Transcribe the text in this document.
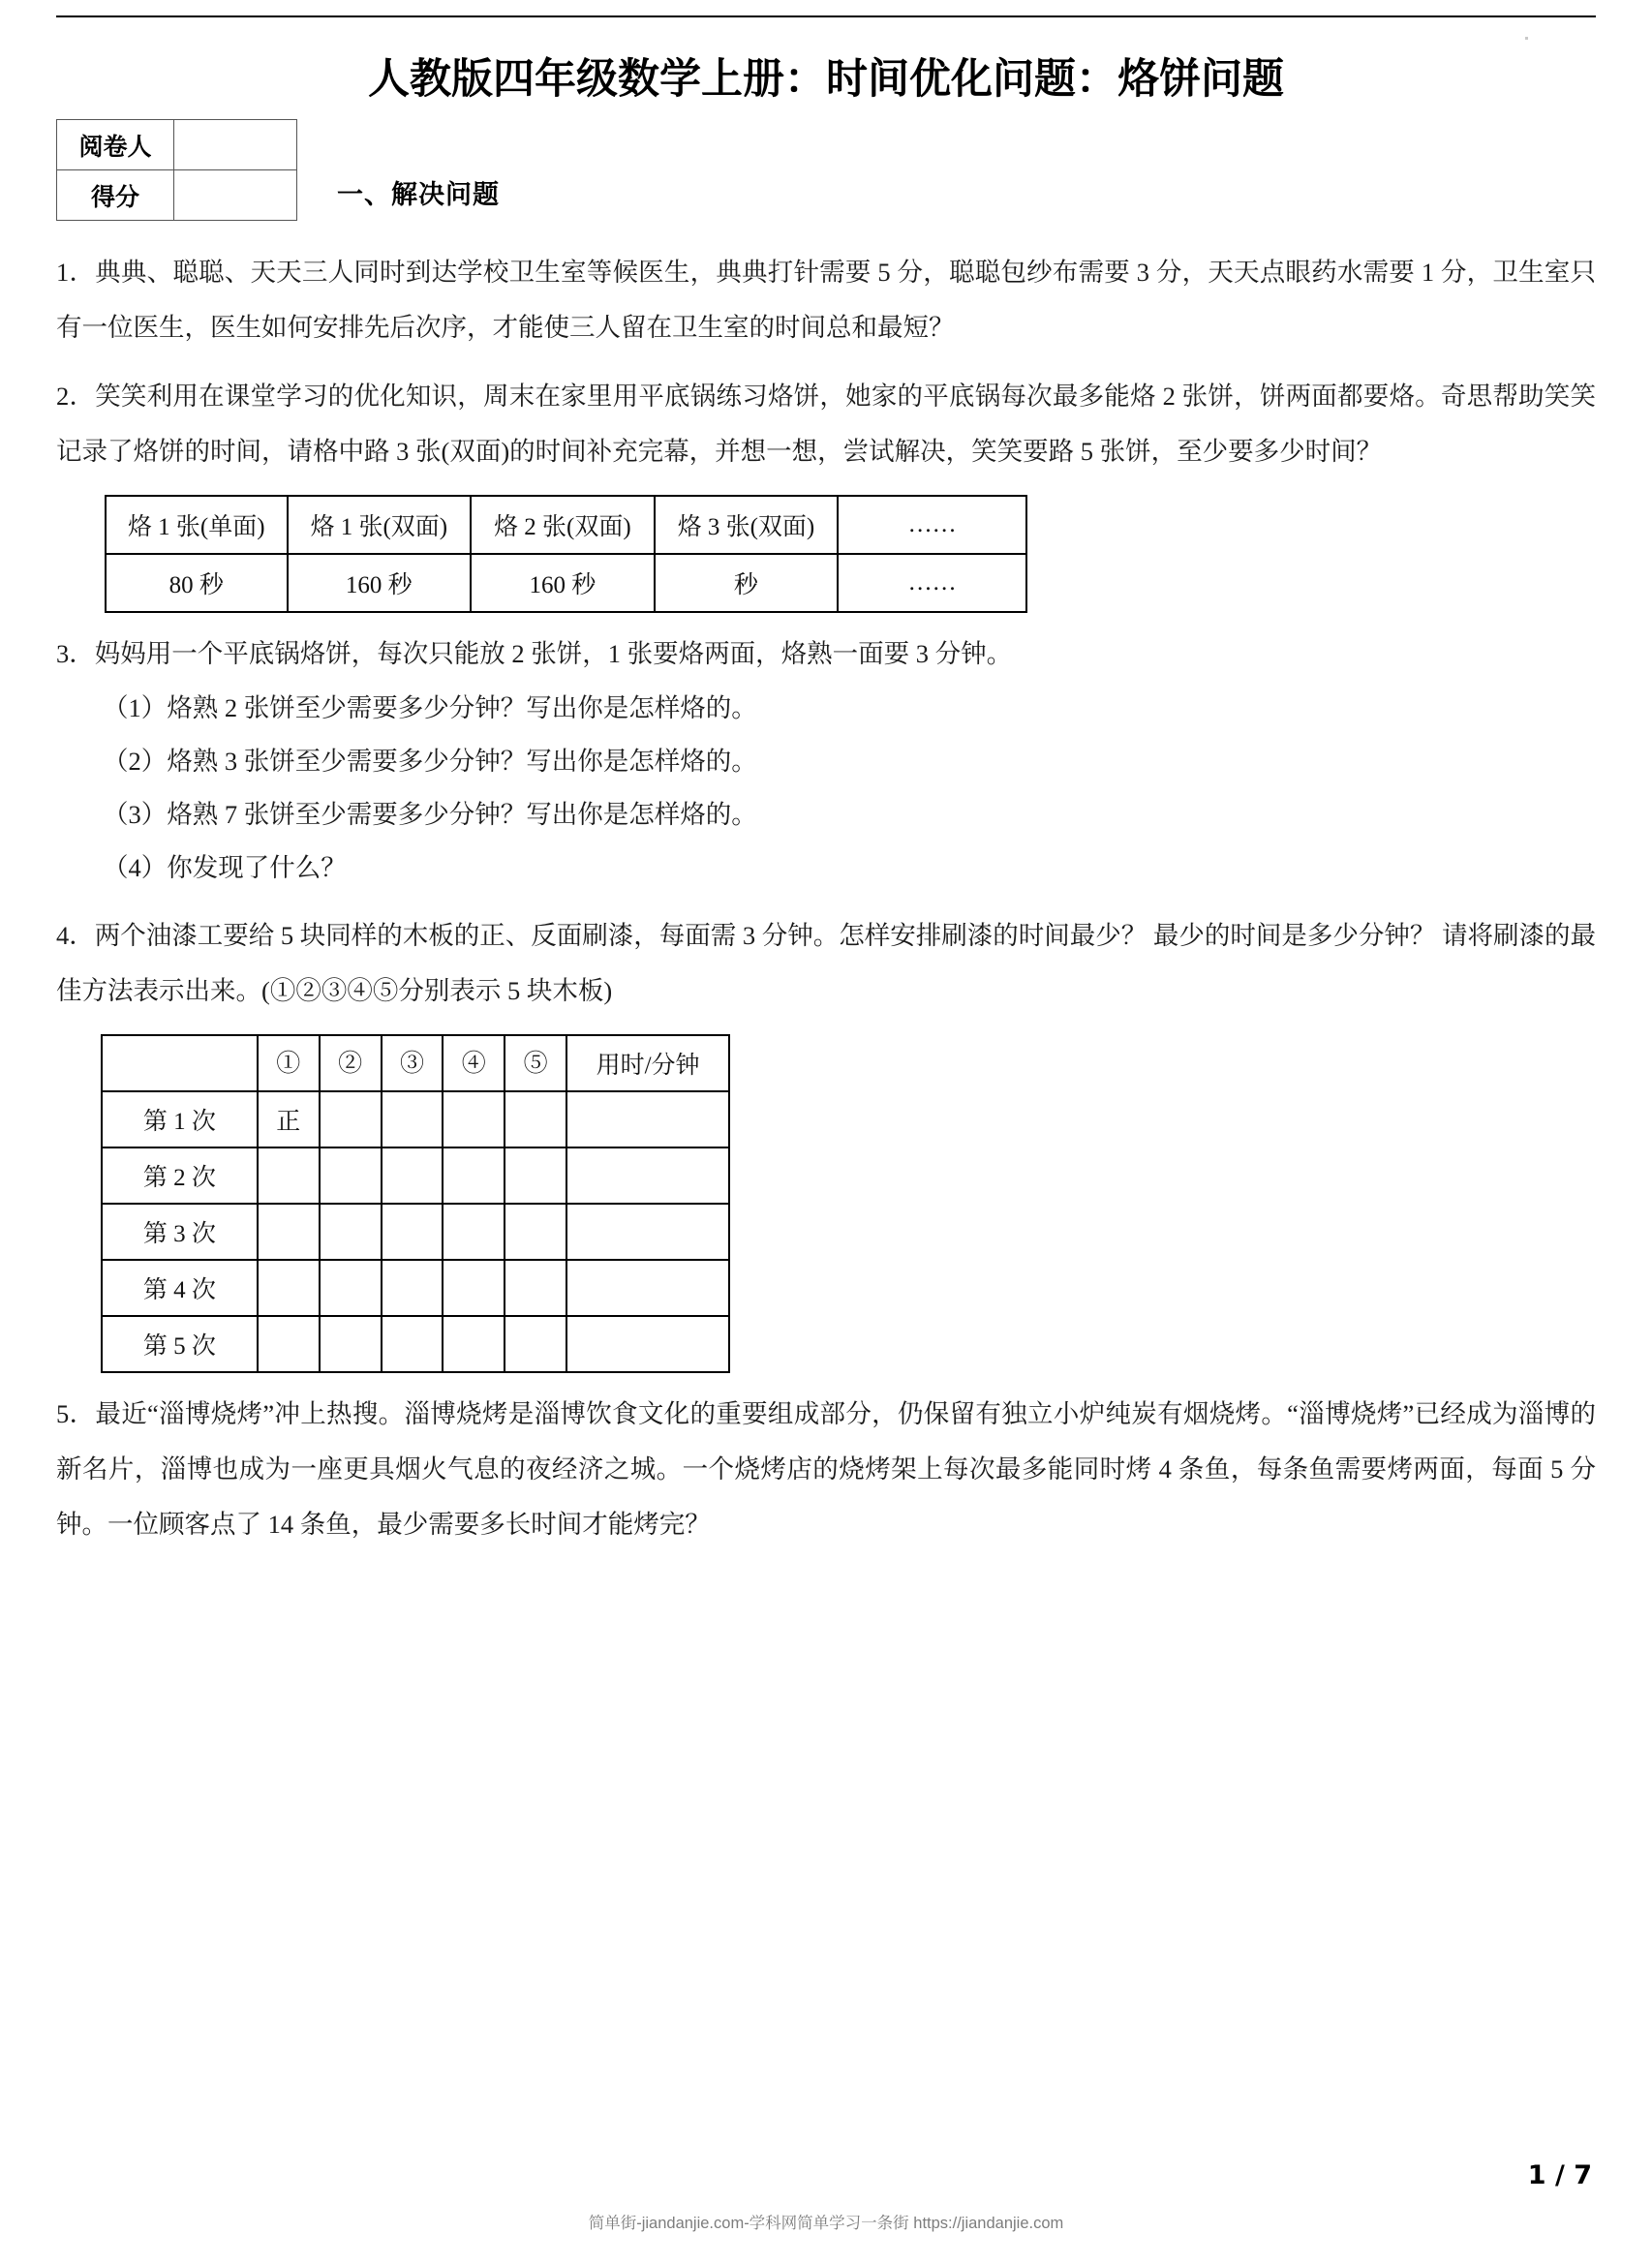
人教版四年级数学上册：时间优化问题：烙饼问题
阅卷人	
得分		一、解决问题

1．典典、聪聪、天天三人同时到达学校卫生室等候医生，典典打针需要 5 分，聪聪包纱布需要 3 分，天天点眼药水需要 1 分，卫生室只有一位医生，医生如何安排先后次序，才能使三人留在卫生室的时间总和最短？

2．笑笑利用在课堂学习的优化知识，周末在家里用平底锅练习烙饼，她家的平底锅每次最多能烙 2 张饼，饼两面都要烙。奇思帮助笑笑记录了烙饼的时间，请格中路 3 张(双面)的时间补充完幕，并想一想，尝试解决，笑笑要路 5 张饼，至少要多少时间？

烙 1 张(单面)	烙 1 张(双面)	烙 2 张(双面)	烙 3 张(双面)	……
80 秒	160 秒	160 秒	秒	……

3．妈妈用一个平底锅烙饼，每次只能放 2 张饼，1 张要烙两面，烙熟一面要 3 分钟。

（1）烙熟 2 张饼至少需要多少分钟？写出你是怎样烙的。

（2）烙熟 3 张饼至少需要多少分钟？写出你是怎样烙的。

（3）烙熟 7 张饼至少需要多少分钟？写出你是怎样烙的。

（4）你发现了什么？

4．两个油漆工要给 5 块同样的木板的正、反面刷漆，每面需 3 分钟。怎样安排刷漆的时间最少？ 最少的时间是多少分钟？ 请将刷漆的最佳方法表示出来。(①②③④⑤分别表示 5 块木板)

	①	②	③	④	⑤	用时/分钟
第 1 次	正					
第 2 次						
第 3 次						
第 4 次						
第 5 次						

5．最近“淄博烧烤”冲上热搜。淄博烧烤是淄博饮食文化的重要组成部分，仍保留有独立小炉纯炭有烟烧烤。“淄博烧烤”已经成为淄博的新名片，淄博也成为一座更具烟火气息的夜经济之城。一个烧烤店的烧烤架上每次最多能同时烤 4 条鱼，每条鱼需要烤两面，每面 5 分钟。一位顾客点了 14 条鱼，最少需要多长时间才能烤完？

1 / 7
简单街-jiandanjie.com-学科网简单学习一条街 https://jiandanjie.com
